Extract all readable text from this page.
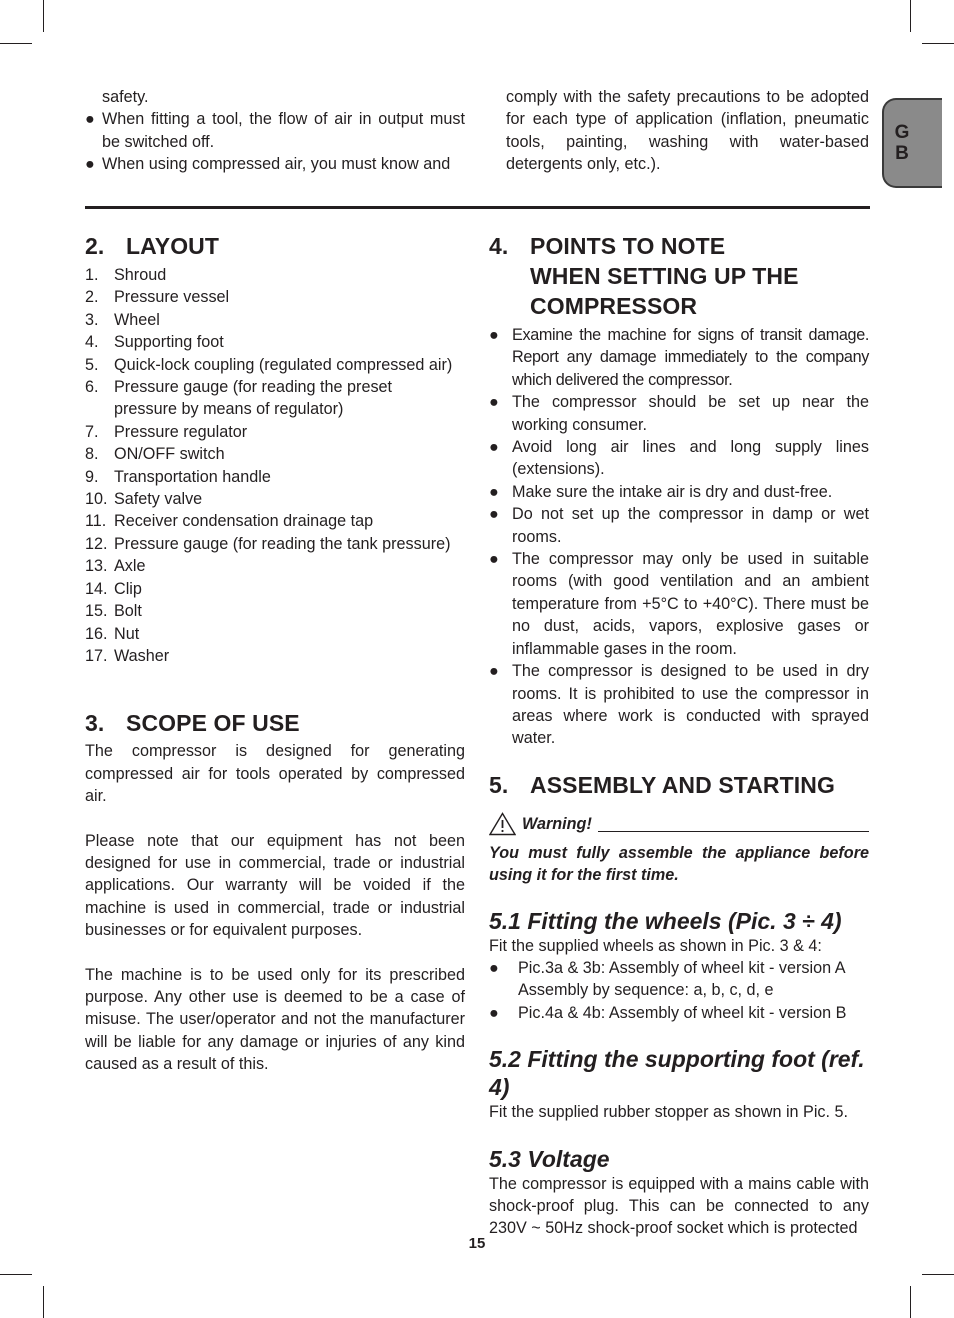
G
B
safety.
● When fitting a tool, the flow of air in output must be switched off.
● When using compressed air, you must know and
comply with the safety precautions to be adopted for each type of application (inflation, pneumatic tools, painting, washing with water-based detergents only, etc.).
2. LAYOUT
1. Shroud
2. Pressure vessel
3. Wheel
4. Supporting foot
5. Quick-lock coupling (regulated compressed air)
6. Pressure gauge (for reading the preset pressure by means of regulator)
7. Pressure regulator
8. ON/OFF switch
9. Transportation handle
10. Safety valve
11. Receiver condensation drainage tap
12. Pressure gauge (for reading the tank pressure)
13. Axle
14. Clip
15. Bolt
16. Nut
17. Washer
3. SCOPE OF USE

The compressor is designed for generating compressed air for tools operated by compressed air.

Please note that our equipment has not been designed for use in commercial, trade or industrial applications. Our warranty will be voided if the machine is used in commercial, trade or industrial businesses or for equivalent purposes.

The machine is to be used only for its prescribed purpose. Any other use is deemed to be a case of misuse. The user/operator and not the manufacturer will be liable for any damage or injuries of any kind caused as a result of this.

4. POINTS TO NOTE
WHEN SETTING UP THE
COMPRESSOR
● Examine the machine for signs of transit damage. Report any damage immediately to the company which delivered the compressor.
● The compressor should be set up near the working consumer.
● Avoid long air lines and long supply lines (extensions).
● Make sure the intake air is dry and dust-free.
● Do not set up the compressor in damp or wet rooms.
● The compressor may only be used in suitable rooms (with good ventilation and an ambient temperature from +5°C to +40°C). There must be no dust, acids, vapors, explosive gases or inflammable gases in the room.
● The compressor is designed to be used in dry rooms. It is prohibited to use the compressor in areas where work is conducted with sprayed water.
5. ASSEMBLY AND STARTING
Warning!

You must fully assemble the appliance before using it for the first time.

5.1 Fitting the wheels (Pic. 3 ÷ 4)
Fit the supplied wheels as shown in Pic. 3 & 4:
● Pic.3a & 3b: Assembly of wheel kit - version A Assembly by sequence: a, b, c, d, e
● Pic.4a & 4b: Assembly of wheel kit - version B
5.2 Fitting the supporting foot (ref. 4)
Fit the supplied rubber stopper as shown in Pic. 5.
5.3 Voltage

The compressor is equipped with a mains cable with shock-proof plug. This can be connected to any 230V ~ 50Hz shock-proof socket which is protected

15
